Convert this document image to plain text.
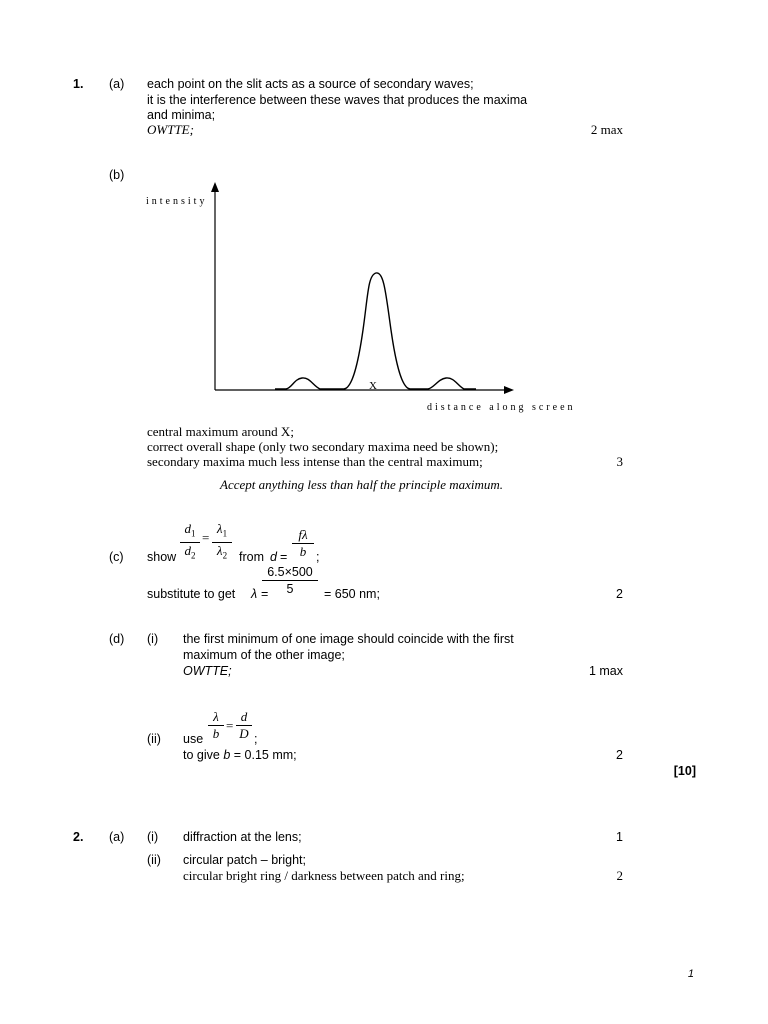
1. (a) each point on the slit acts as a source of secondary waves;
it is the interference between these waves that produces the maxima
and minima;
OWTTE;	2 max
(b)
X
intensity
distance along screen
central maximum around X;
correct overall shape (only two secondary maxima need be shown);
secondary maxima much less intense than the central maximum;	3
Accept anything less than half the principle maximum.
(c) show
$d_1$
$d_2$
=
$\lambda_1$
$\lambda_2$ from d =
fλ
b ;
substitute to get λ =
6.5×500
5	= 650 nm;	2
(d) (i) the first minimum of one image should coincide with the first
maximum of the other image;
OWTTE;	1 max
(ii) use
λ
b
=
d
D ;
to give b = 0.15 mm;	2
[10]
2. (a) (i) diffraction at the lens;	1
(ii) circular patch – bright;
circular bright ring / darkness between patch and ring;	2
1
